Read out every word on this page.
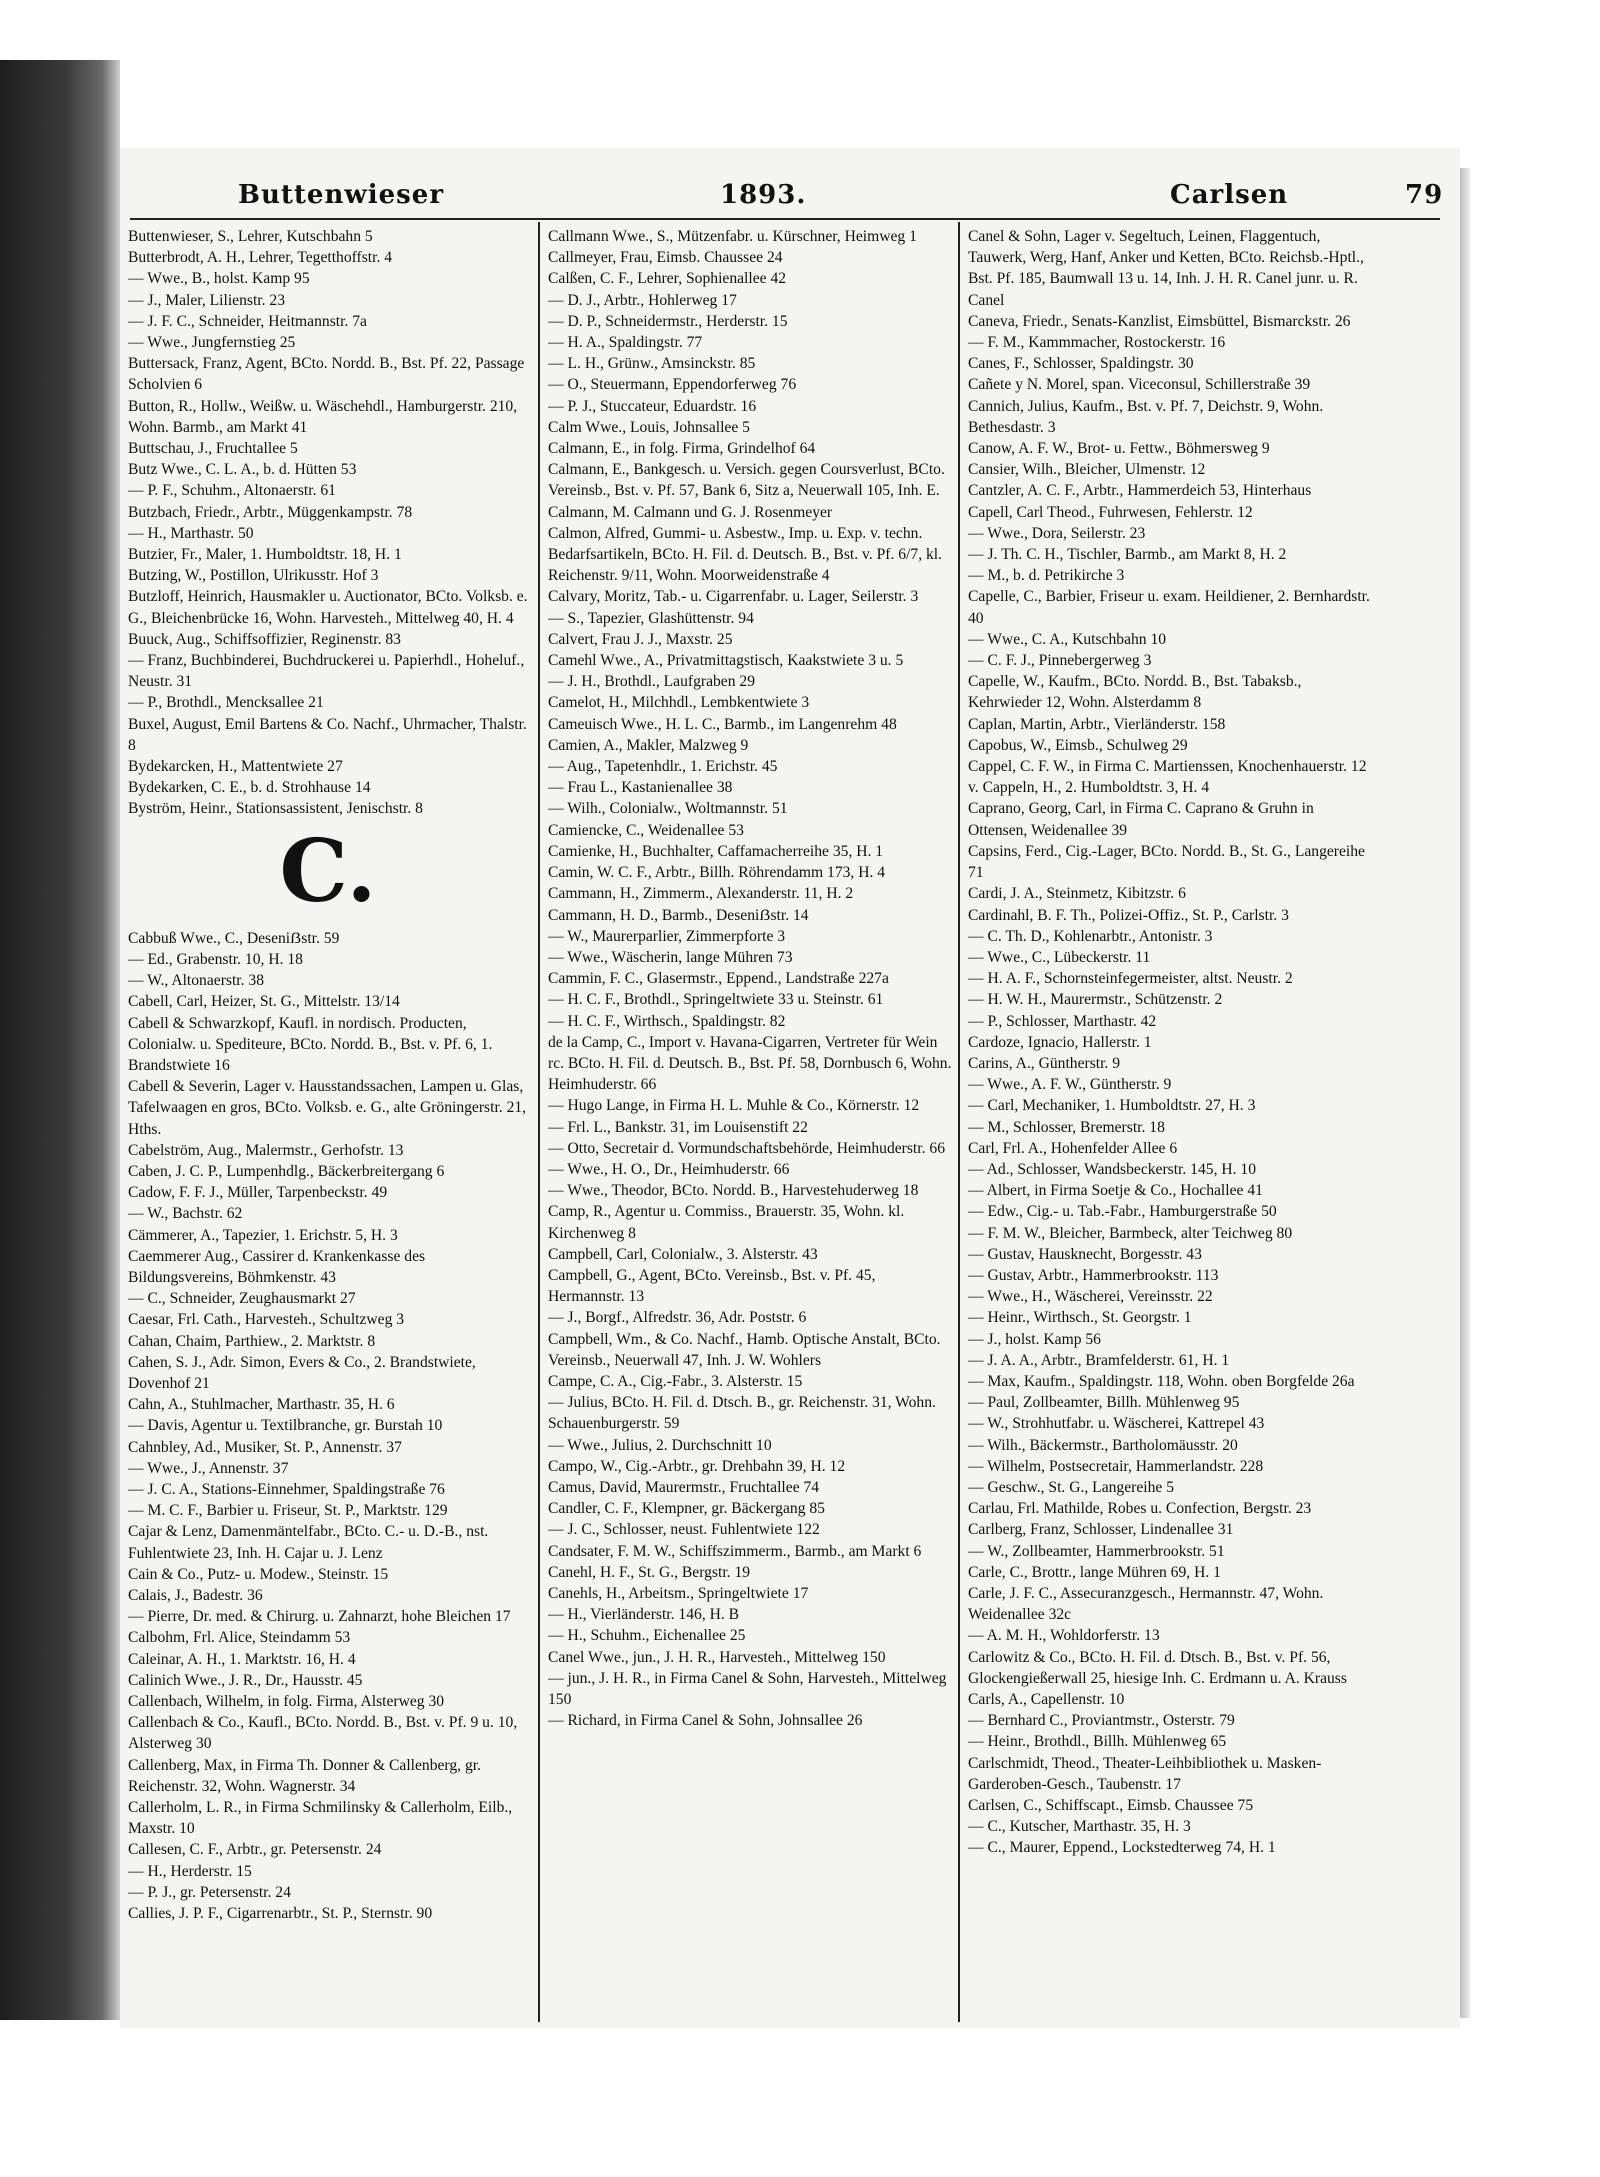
Buttenwieser	1893.	Carlsen	79
Buttenwieser, S., Lehrer, Kutschbahn 5
Butterbrodt, A. H., Lehrer, Tegetthoffstr. 4
— Wwe., B., holst. Kamp 95
— J., Maler, Lilienstr. 23
— J. F. C., Schneider, Heitmannstr. 7a
— Wwe., Jungfernstieg 25
Buttersack, Franz, Agent, BCto. Nordd. B., Bst. Pf. 22, Passage Scholvien 6
Button, R., Hollw., Weißw. u. Wäschehdl., Hamburgerstr. 210, Wohn. Barmb., am Markt 41
Buttschau, J., Fruchtallee 5
Butz Wwe., C. L. A., b. d. Hütten 53
— P. F., Schuhm., Altonaerstr. 61
Butzbach, Friedr., Arbtr., Müggenkampstr. 78
— H., Marthastr. 50
Butzier, Fr., Maler, 1. Humboldtstr. 18, H. 1
Butzing, W., Postillon, Ulrikusstr. Hof 3
Butzloff, Heinrich, Hausmakler u. Auctionator, BCto. Volksb. e. G., Bleichenbrücke 16, Wohn. Harvesteh., Mittelweg 40, H. 4
Buuck, Aug., Schiffsoffizier, Reginenstr. 83
— Franz, Buchbinderei, Buchdruckerei u. Papierhdl., Hoheluf., Neustr. 31
— P., Brothdl., Mencksallee 21
Buxel, August, Emil Bartens & Co. Nachf., Uhrmacher, Thalstr. 8
Bydekarcken, H., Mattentwiete 27
Bydekarken, C. E., b. d. Strohhause 14
Byström, Heinr., Stationsassistent, Jenischstr. 8
C.
Cabbuß Wwe., C., Deseniẞstr. 59
— Ed., Grabenstr. 10, H. 18
— W., Altonaerstr. 38
Cabell, Carl, Heizer, St. G., Mittelstr. 13/14
Cabell & Schwarzkopf, Kaufl. in nordisch. Producten, Colonialw. u. Spediteure, BCto. Nordd. B., Bst. v. Pf. 6, 1. Brandstwiete 16
Cabell & Severin, Lager v. Hausstandssachen, Lampen u. Glas, Tafelwaagen en gros, BCto. Volksb. e. G., alte Gröningerstr. 21, Hths.
Cabelström, Aug., Malermstr., Gerhofstr. 13
Caben, J. C. P., Lumpenhdlg., Bäckerbreitergang 6
Cadow, F. F. J., Müller, Tarpenbeckstr. 49
— W., Bachstr. 62
Cämmerer, A., Tapezier, 1. Erichstr. 5, H. 3
Caemmerer Aug., Cassirer d. Krankenkasse des Bildungsvereins, Böhmkenstr. 43
— C., Schneider, Zeughausmarkt 27
Caesar, Frl. Cath., Harvesteh., Schultzweg 3
Cahan, Chaim, Parthiew., 2. Marktstr. 8
Cahen, S. J., Adr. Simon, Evers & Co., 2. Brandstwiete, Dovenhof 21
Cahn, A., Stuhlmacher, Marthastr. 35, H. 6
— Davis, Agentur u. Textilbranche, gr. Burstah 10
Cahnbley, Ad., Musiker, St. P., Annenstr. 37
— Wwe., J., Annenstr. 37
— J. C. A., Stations-Einnehmer, Spaldingstraße 76
— M. C. F., Barbier u. Friseur, St. P., Marktstr. 129
Cajar & Lenz, Damenmäntelfabr., BCto. C.- u. D.-B., nst. Fuhlentwiete 23, Inh. H. Cajar u. J. Lenz
Cain & Co., Putz- u. Modew., Steinstr. 15
Calais, J., Badestr. 36
— Pierre, Dr. med. & Chirurg. u. Zahnarzt, hohe Bleichen 17
Calbohm, Frl. Alice, Steindamm 53
Caleinar, A. H., 1. Marktstr. 16, H. 4
Calinich Wwe., J. R., Dr., Hausstr. 45
Callenbach, Wilhelm, in folg. Firma, Alsterweg 30
Callenbach & Co., Kaufl., BCto. Nordd. B., Bst. v. Pf. 9 u. 10, Alsterweg 30
Callenberg, Max, in Firma Th. Donner & Callenberg, gr. Reichenstr. 32, Wohn. Wagnerstr. 34
Callerholm, L. R., in Firma Schmilinsky & Callerholm, Eilb., Maxstr. 10
Callesen, C. F., Arbtr., gr. Petersenstr. 24
— H., Herderstr. 15
— P. J., gr. Petersenstr. 24
Callies, J. P. F., Cigarrenarbtr., St. P., Sternstr. 90
Callmann Wwe., S., Mützenfabr. u. Kürschner, Heimweg 1
Callmeyer, Frau, Eimsb. Chaussee 24
Calßen, C. F., Lehrer, Sophienallee 42
— D. J., Arbtr., Hohlerweg 17
— D. P., Schneidermstr., Herderstr. 15
— H. A., Spaldingstr. 77
— L. H., Grünw., Amsinckstr. 85
— O., Steuermann, Eppendorferweg 76
— P. J., Stuccateur, Eduardstr. 16
Calm Wwe., Louis, Johnsallee 5
Calmann, E., in folg. Firma, Grindelhof 64
Calmann, E., Bankgesch. u. Versich. gegen Coursverlust, BCto. Vereinsb., Bst. v. Pf. 57, Bank 6, Sitz a, Neuerwall 105, Inh. E. Calmann, M. Calmann und G. J. Rosenmeyer
Calmon, Alfred, Gummi- u. Asbestw., Imp. u. Exp. v. techn. Bedarfsartikeln, BCto. H. Fil. d. Deutsch. B., Bst. v. Pf. 6/7, kl. Reichenstr. 9/11, Wohn. Moorweidenstraße 4
Calvary, Moritz, Tab.- u. Cigarrenfabr. u. Lager, Seilerstr. 3
— S., Tapezier, Glashüttenstr. 94
Calvert, Frau J. J., Maxstr. 25
Camehl Wwe., A., Privatmittagstisch, Kaakstwiete 3 u. 5
— J. H., Brothdl., Laufgraben 29
Camelot, H., Milchhdl., Lembkentwiete 3
Cameuisch Wwe., H. L. C., Barmb., im Langenrehm 48
Camien, A., Makler, Malzweg 9
— Aug., Tapetenhdlr., 1. Erichstr. 45
— Frau L., Kastanienallee 38
— Wilh., Colonialw., Woltmannstr. 51
Camiencke, C., Weidenallee 53
Camienke, H., Buchhalter, Caffamacherreihe 35, H. 1
Camin, W. C. F., Arbtr., Billh. Röhrendamm 173, H. 4
Cammann, H., Zimmerm., Alexanderstr. 11, H. 2
Cammann, H. D., Barmb., Deseniẞstr. 14
— W., Maurerparlier, Zimmerpforte 3
— Wwe., Wäscherin, lange Mühren 73
Cammin, F. C., Glasermstr., Eppend., Landstraße 227a
— H. C. F., Brothdl., Springeltwiete 33 u. Steinstr. 61
— H. C. F., Wirthsch., Spaldingstr. 82
de la Camp, C., Import v. Havana-Cigarren, Vertreter für Wein rc. BCto. H. Fil. d. Deutsch. B., Bst. Pf. 58, Dornbusch 6, Wohn. Heimhuderstr. 66
— Hugo Lange, in Firma H. L. Muhle & Co., Körnerstr. 12
— Frl. L., Bankstr. 31, im Louisenstift 22
— Otto, Secretair d. Vormundschaftsbehörde, Heimhuderstr. 66
— Wwe., H. O., Dr., Heimhuderstr. 66
— Wwe., Theodor, BCto. Nordd. B., Harvestehuderweg 18
Camp, R., Agentur u. Commiss., Brauerstr. 35, Wohn. kl. Kirchenweg 8
Campbell, Carl, Colonialw., 3. Alsterstr. 43
Campbell, G., Agent, BCto. Vereinsb., Bst. v. Pf. 45, Hermannstr. 13
— J., Borgf., Alfredstr. 36, Adr. Poststr. 6
Campbell, Wm., & Co. Nachf., Hamb. Optische Anstalt, BCto. Vereinsb., Neuerwall 47, Inh. J. W. Wohlers
Campe, C. A., Cig.-Fabr., 3. Alsterstr. 15
— Julius, BCto. H. Fil. d. Dtsch. B., gr. Reichenstr. 31, Wohn. Schauenburgerstr. 59
— Wwe., Julius, 2. Durchschnitt 10
Campo, W., Cig.-Arbtr., gr. Drehbahn 39, H. 12
Camus, David, Maurermstr., Fruchtallee 74
Candler, C. F., Klempner, gr. Bäckergang 85
— J. C., Schlosser, neust. Fuhlentwiete 122
Candsater, F. M. W., Schiffszimmerm., Barmb., am Markt 6
Canehl, H. F., St. G., Bergstr. 19
Canehls, H., Arbeitsm., Springeltwiete 17
— H., Vierländerstr. 146, H. B
— H., Schuhm., Eichenallee 25
Canel Wwe., jun., J. H. R., Harvesteh., Mittelweg 150
— jun., J. H. R., in Firma Canel & Sohn, Harvesteh., Mittelweg 150
— Richard, in Firma Canel & Sohn, Johnsallee 26
Canel & Sohn, Lager v. Segeltuch, Leinen, Flaggentuch, Tauwerk, Werg, Hanf, Anker und Ketten, BCto. Reichsb.-Hptl., Bst. Pf. 185, Baumwall 13 u. 14, Inh. J. H. R. Canel junr. u. R. Canel
Caneva, Friedr., Senats-Kanzlist, Eimsbüttel, Bismarckstr. 26
— F. M., Kammmacher, Rostockerstr. 16
Canes, F., Schlosser, Spaldingstr. 30
Cañete y N. Morel, span. Viceconsul, Schillerstraße 39
Cannich, Julius, Kaufm., Bst. v. Pf. 7, Deichstr. 9, Wohn. Bethesdastr. 3
Canow, A. F. W., Brot- u. Fettw., Böhmersweg 9
Cansier, Wilh., Bleicher, Ulmenstr. 12
Cantzler, A. C. F., Arbtr., Hammerdeich 53, Hinterhaus
Capell, Carl Theod., Fuhrwesen, Fehlerstr. 12
— Wwe., Dora, Seilerstr. 23
— J. Th. C. H., Tischler, Barmb., am Markt 8, H. 2
— M., b. d. Petrikirche 3
Capelle, C., Barbier, Friseur u. exam. Heildiener, 2. Bernhardstr. 40
— Wwe., C. A., Kutschbahn 10
— C. F. J., Pinnebergerweg 3
Capelle, W., Kaufm., BCto. Nordd. B., Bst. Tabaksb., Kehrwieder 12, Wohn. Alsterdamm 8
Caplan, Martin, Arbtr., Vierländerstr. 158
Capobus, W., Eimsb., Schulweg 29
Cappel, C. F. W., in Firma C. Martienssen, Knochenhauerstr. 12
v. Cappeln, H., 2. Humboldtstr. 3, H. 4
Caprano, Georg, Carl, in Firma C. Caprano & Gruhn in Ottensen, Weidenallee 39
Capsins, Ferd., Cig.-Lager, BCto. Nordd. B., St. G., Langereihe 71
Cardi, J. A., Steinmetz, Kibitzstr. 6
Cardinahl, B. F. Th., Polizei-Offiz., St. P., Carlstr. 3
— C. Th. D., Kohlenarbtr., Antonistr. 3
— Wwe., C., Lübeckerstr. 11
— H. A. F., Schornsteinfegermeister, altst. Neustr. 2
— H. W. H., Maurermstr., Schützenstr. 2
— P., Schlosser, Marthastr. 42
Cardoze, Ignacio, Hallerstr. 1
Carins, A., Güntherstr. 9
— Wwe., A. F. W., Güntherstr. 9
— Carl, Mechaniker, 1. Humboldtstr. 27, H. 3
— M., Schlosser, Bremerstr. 18
Carl, Frl. A., Hohenfelder Allee 6
— Ad., Schlosser, Wandsbeckerstr. 145, H. 10
— Albert, in Firma Soetje & Co., Hochallee 41
— Edw., Cig.- u. Tab.-Fabr., Hamburgerstraße 50
— F. M. W., Bleicher, Barmbeck, alter Teichweg 80
— Gustav, Hausknecht, Borgesstr. 43
— Gustav, Arbtr., Hammerbrookstr. 113
— Wwe., H., Wäscherei, Vereinsstr. 22
— Heinr., Wirthsch., St. Georgstr. 1
— J., holst. Kamp 56
— J. A. A., Arbtr., Bramfelderstr. 61, H. 1
— Max, Kaufm., Spaldingstr. 118, Wohn. oben Borgfelde 26a
— Paul, Zollbeamter, Billh. Mühlenweg 95
— W., Strohhutfabr. u. Wäscherei, Kattrepel 43
— Wilh., Bäckermstr., Bartholomäusstr. 20
— Wilhelm, Postsecretair, Hammerlandstr. 228
— Geschw., St. G., Langereihe 5
Carlau, Frl. Mathilde, Robes u. Confection, Bergstr. 23
Carlberg, Franz, Schlosser, Lindenallee 31
— W., Zollbeamter, Hammerbrookstr. 51
Carle, C., Brottr., lange Mühren 69, H. 1
Carle, J. F. C., Assecuranzgesch., Hermannstr. 47, Wohn. Weidenallee 32c
— A. M. H., Wohldorferstr. 13
Carlowitz & Co., BCto. H. Fil. d. Dtsch. B., Bst. v. Pf. 56, Glockengießerwall 25, hiesige Inh. C. Erdmann u. A. Krauss
Carls, A., Capellenstr. 10
— Bernhard C., Proviantmstr., Osterstr. 79
— Heinr., Brothdl., Billh. Mühlenweg 65
Carlschmidt, Theod., Theater-Leihbibliothek u. Masken-Garderoben-Gesch., Taubenstr. 17
Carlsen, C., Schiffscapt., Eimsb. Chaussee 75
— C., Kutscher, Marthastr. 35, H. 3
— C., Maurer, Eppend., Lockstedterweg 74, H. 1
